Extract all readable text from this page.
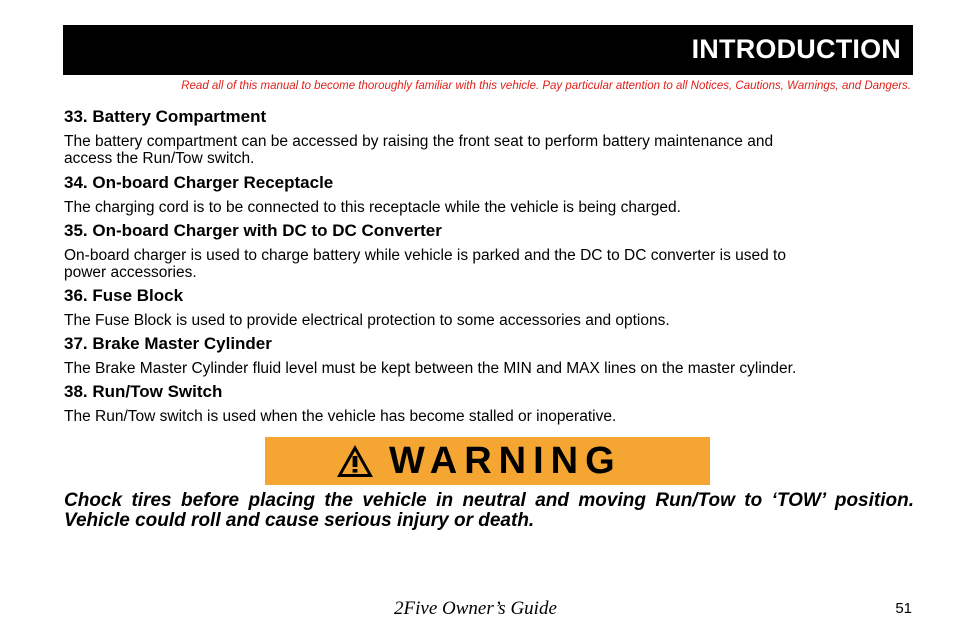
INTRODUCTION
Read all of this manual to become thoroughly familiar with this vehicle. Pay particular attention to all Notices, Cautions, Warnings, and Dangers.
33. Battery Compartment

The battery compartment can be accessed by raising the front seat to perform battery maintenance and
access the Run/Tow switch.

34. On-board Charger Receptacle

The charging cord is to be connected to this receptacle while the vehicle is being charged.

35. On-board Charger with DC to DC Converter

On-board charger is used to charge battery while vehicle is parked and the DC to DC converter is used to
power accessories.

36. Fuse Block

The Fuse Block is used to provide electrical protection to some accessories and options.

37. Brake Master Cylinder

The Brake Master Cylinder fluid level must be kept between the MIN and MAX lines on the master cylinder.

38. Run/Tow Switch

The Run/Tow switch is used when the vehicle has become stalled or inoperative.

WARNING
Chock tires before placing the vehicle in neutral and moving Run/Tow to ‘TOW’ position. Vehicle could roll and cause serious injury or death.
2Five Owner’s Guide	51
